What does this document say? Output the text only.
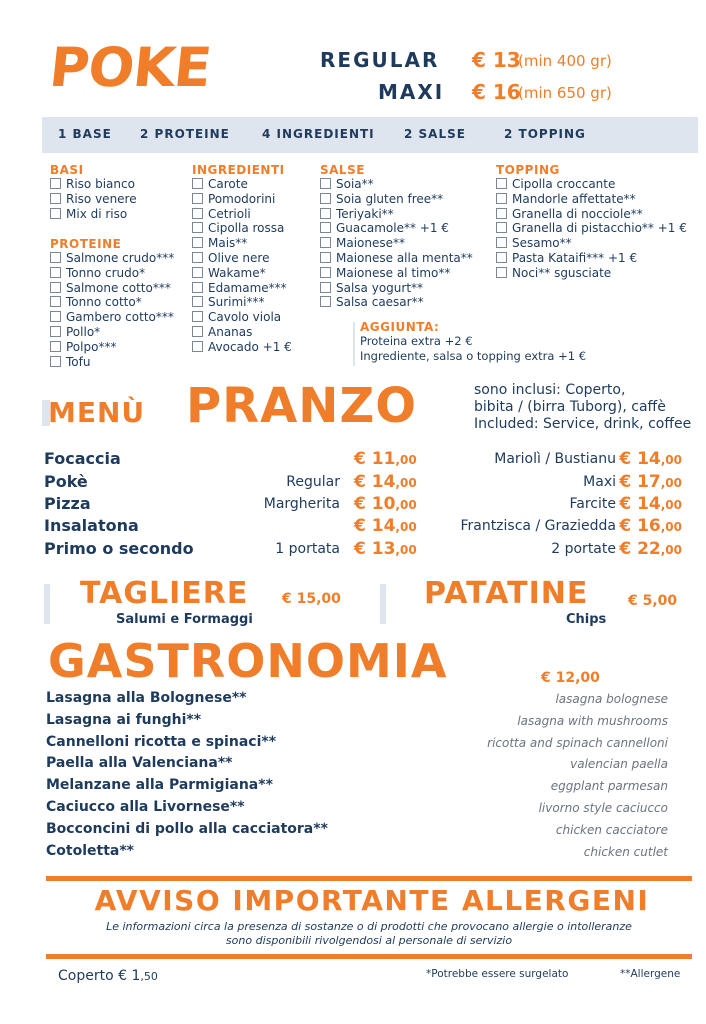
POKE	REGULAR € 13
(min 400 gr)
MAXI € 16
(min 650 gr)
1 BASE 2 PROTEINE	4 INGREDIENTI 2 SALSE	2 TOPPING
BASI
Riso bianco
Riso venere
Mix di riso
PROTEINE
Salmone crudo***
Tonno crudo*
Salmone cotto***
Tonno cotto*
Gambero cotto***
Pollo*
Polpo***
Tofu
INGREDIENTI
Carote
Pomodorini
Cetrioli
Cipolla rossa
Mais**
Olive nere
Wakame*
Edamame***
Surimi***
Cavolo viola
Ananas
Avocado +1 €
SALSE
Soia**
Soia gluten free**
Teriyaki**
Guacamole** +1 €
Maionese**
Maionese alla menta**
Maionese al timo**
Salsa yogurt**
Salsa caesar**
TOPPING
Cipolla croccante
Mandorle affettate**
Granella di nocciole**
Granella di pistacchio** +1 €
Sesamo**
Pasta Kataifi*** +1 €
Noci** sgusciate
AGGIUNTA:
Proteina extra +2 €
Ingrediente, salsa o topping extra +1 €
MENÙ PRANZO	sono inclusi: Coperto,
bibita / (birra Tuborg), caffè
Included: Service, drink, coffee
Focaccia	€ 11,00
Pokè	Regular € 14,00
Pizza	Margherita € 10,00
Insalatona	€ 14,00
Primo o secondo	1 portata € 13,00
Mariolì / Bustianu € 14,00
Maxi € 17,00
Farcite € 14,00
Frantzisca / Graziedda € 16,00
2 portate € 22,00
TAGLIERE € 15,00
Salumi e Formaggi
PATATINE	€ 5,00
Chips
GASTRONOMIA	€ 12,00
Lasagna alla Bolognese**	lasagna bolognese
Lasagna ai funghi**	lasagna with mushrooms
Cannelloni ricotta e spinaci**	ricotta and spinach cannelloni
Paella alla Valenciana**	valencian paella
Melanzane alla Parmigiana**	eggplant parmesan
Caciucco alla Livornese**	livorno style caciucco
Bocconcini di pollo alla cacciatora**	chicken cacciatore
Cotoletta**	chicken cutlet
AVVISO IMPORTANTE ALLERGENI
Le informazioni circa la presenza di sostanze o di prodotti che provocano allergie o intolleranze
sono disponibili rivolgendosi al personale di servizio
Coperto € 1,50	*Potrebbe essere surgelato	**Allergene
